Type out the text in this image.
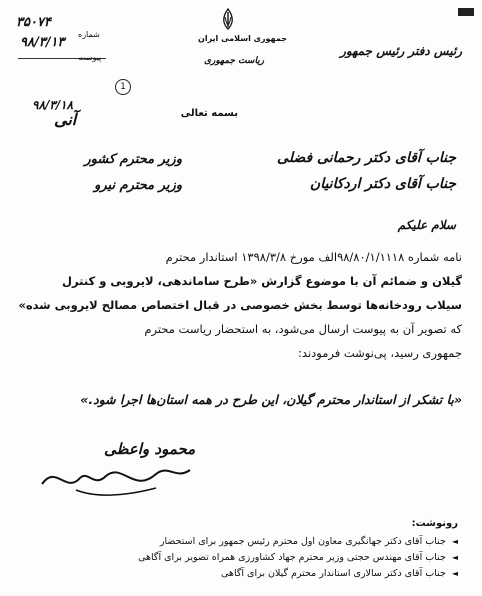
۳۵۰۷۴
۹۸/۳/۱۳
شماره
پیوست
۹۸/۳/۱۸
1
جمهوری اسلامی ایران
ریاست جمهوری
رئیس دفتر رئیس جمهور
بسمه تعالی
آنی
جناب آقای دکتر رحمانی فضلی
وزیر محترم کشور
جناب آقای دکتر اردکانیان
وزیر محترم نیرو
سلام علیکم
نامه شماره ۹۸/۸۰/۱/۱۱۱۸الف مورخ ۱۳۹۸/۳/۸ استاندار محترم
گیلان و ضمائم آن با موضوع گزارش «طرح ساماندهی، لایروبی و کنترل
سیلاب رودخانه‌ها توسط بخش خصوصی در قبال اختصاص مصالح لایروبی شده»
که تصویر آن به پیوست ارسال می‌شود، به استحضار ریاست محترم
جمهوری رسید، پی‌نوشت فرمودند:
«با تشکر از استاندار محترم گیلان، این طرح در همه استان‌ها اجرا شود.»
محمود واعظی
رونوشت:
◄جناب آقای دکتر جهانگیری معاون اول محترم رئیس جمهور برای استحضار
◄جناب آقای مهندس حجتی وزیر محترم جهاد کشاورزی همراه تصویر برای آگاهی
◄جناب آقای دکتر سالاری استاندار محترم گیلان برای آگاهی
